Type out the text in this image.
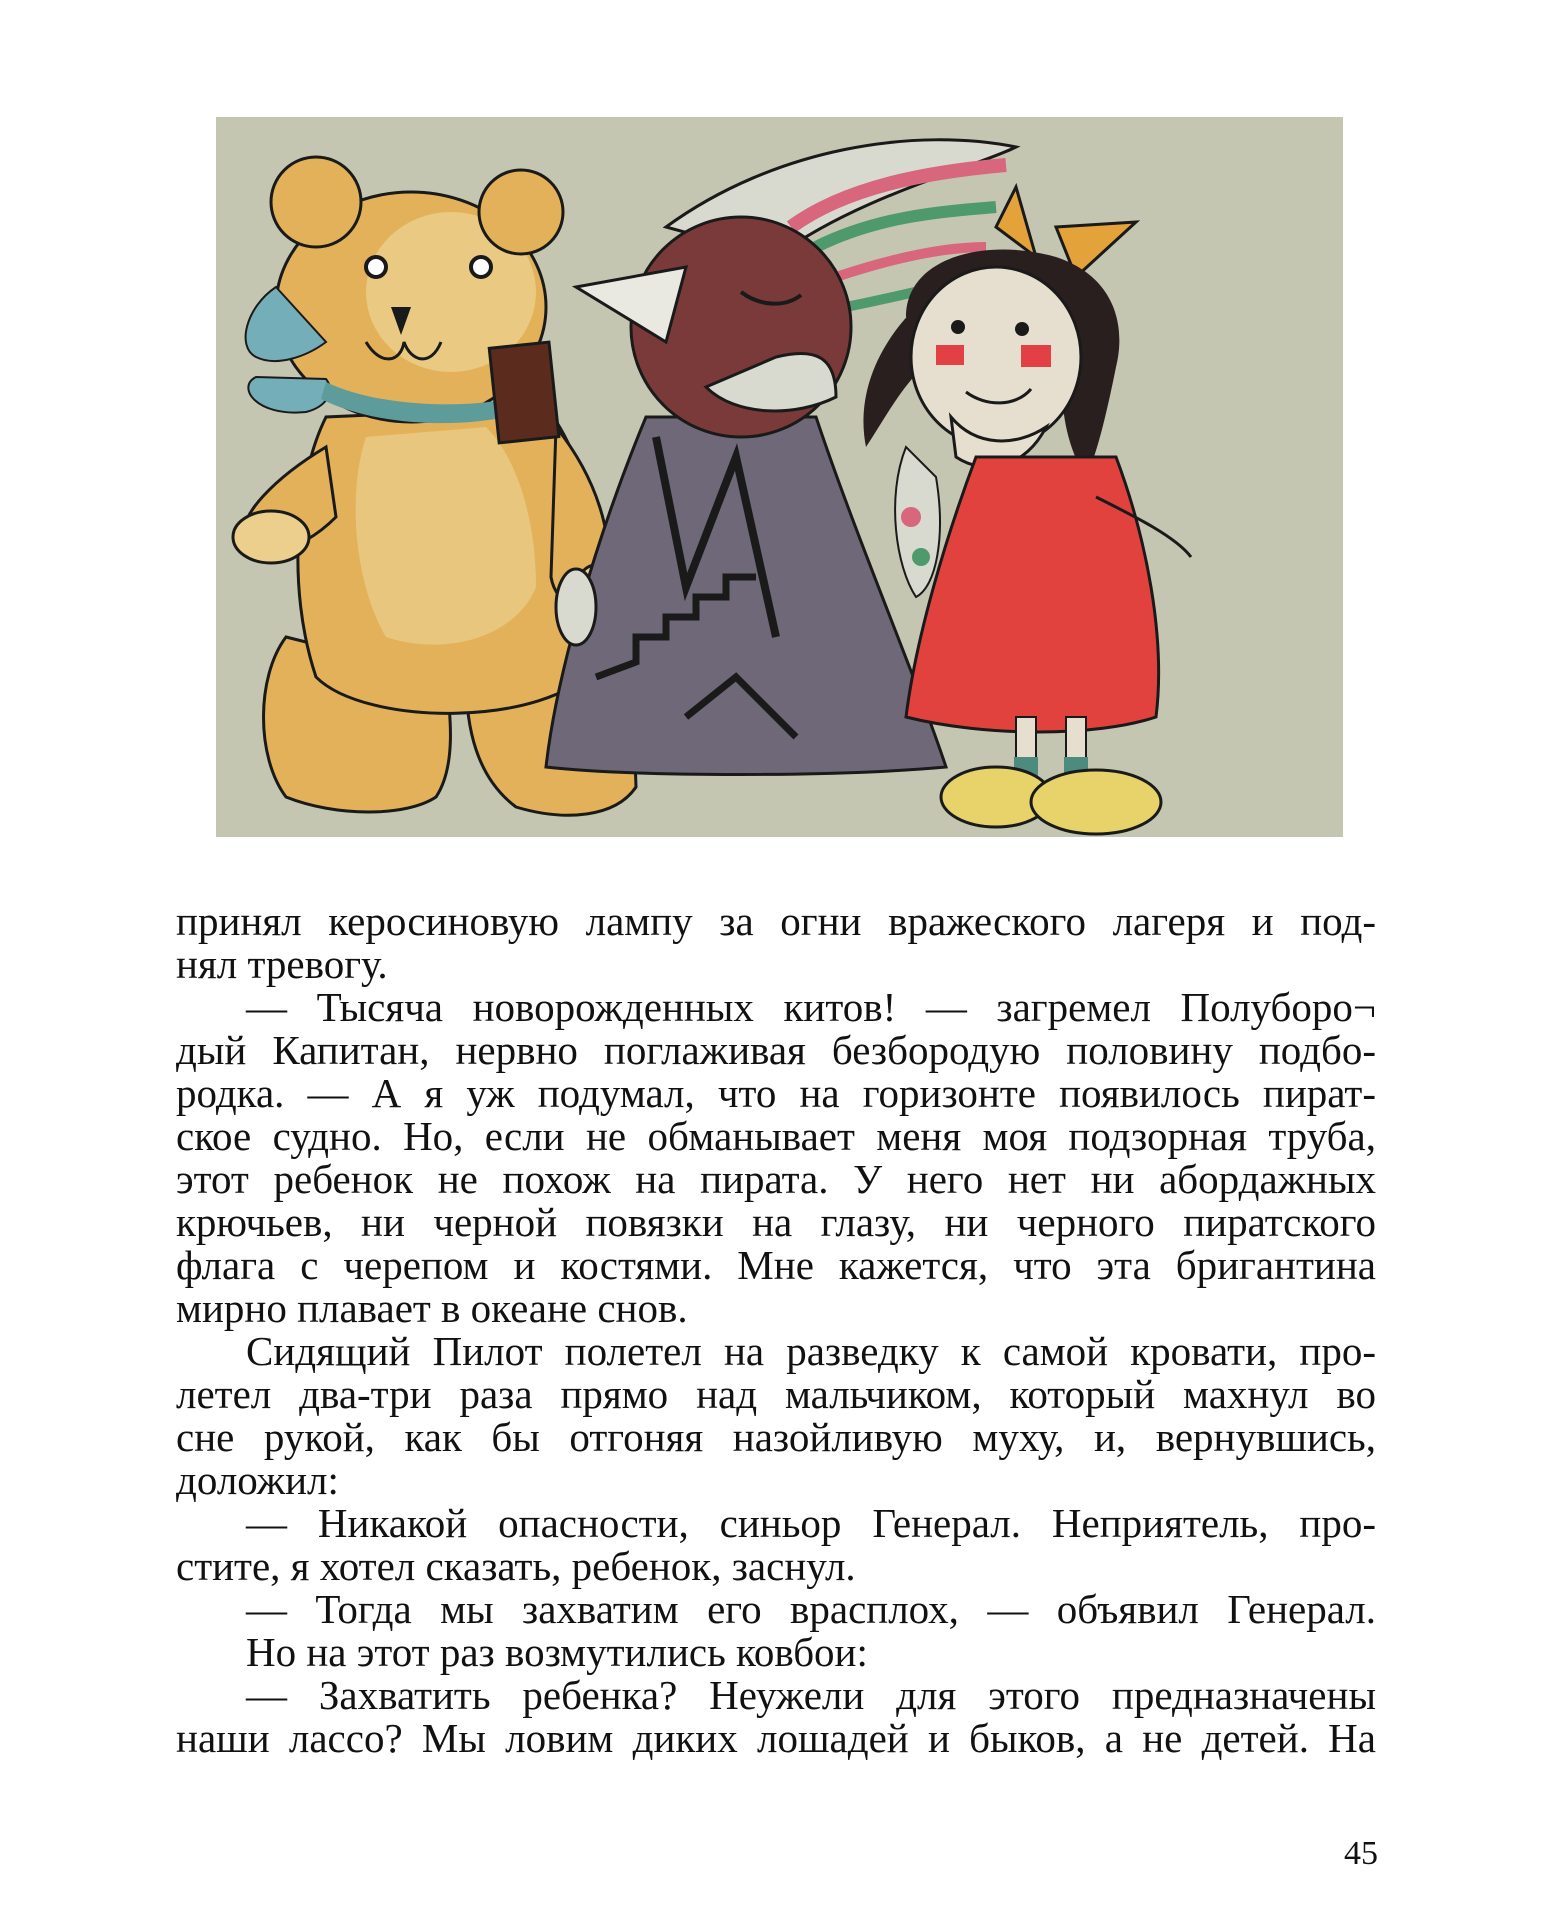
принял керосиновую лампу за огни вражеского лагеря и под-
нял тревогу.
— Тысяча новорожденных китов! — загремел Полуборо¬
дый Капитан, нервно поглаживая безбородую половину подбо-
родка. — А я уж подумал, что на горизонте появилось пират-
ское судно. Но, если не обманывает меня моя подзорная труба,
этот ребенок не похож на пирата. У него нет ни абордажных
крючьев, ни черной повязки на глазу, ни черного пиратского
флага с черепом и костями. Мне кажется, что эта бригантина
мирно плавает в океане снов.
Сидящий Пилот полетел на разведку к самой кровати, про-
летел два-три раза прямо над мальчиком, который махнул во
сне рукой, как бы отгоняя назойливую муху, и, вернувшись,
доложил:
— Никакой опасности, синьор Генерал. Неприятель, про-
стите, я хотел сказать, ребенок, заснул.
— Тогда мы захватим его врасплох, — объявил Генерал.
Но на этот раз возмутились ковбои:
— Захватить ребенка? Неужели для этого предназначены
наши лассо? Мы ловим диких лошадей и быков, а не детей. На
45
